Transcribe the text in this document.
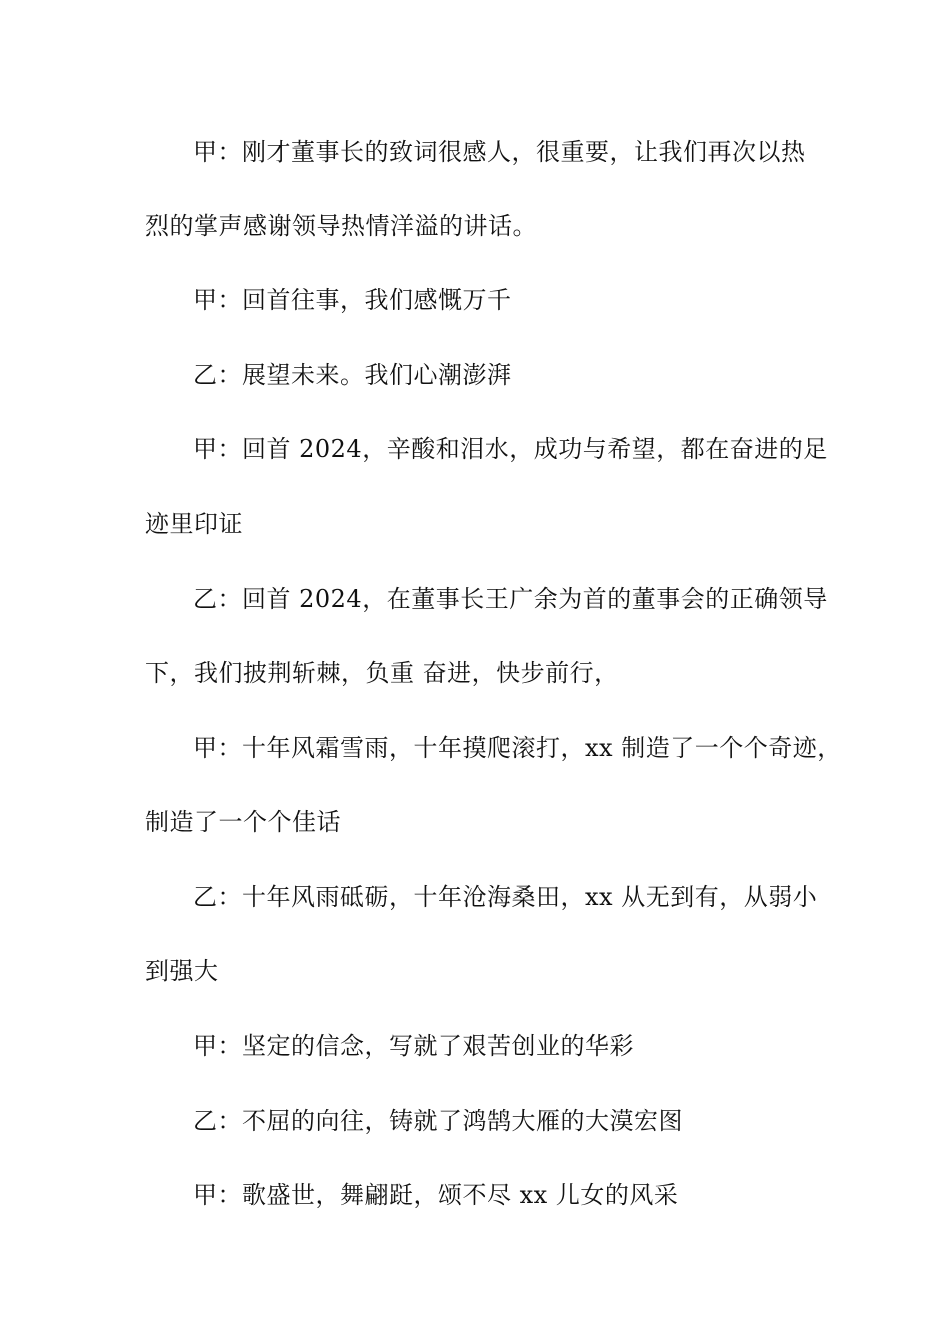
甲：刚才董事长的致词很感人，很重要，让我们再次以热
烈的掌声感谢领导热情洋溢的讲话。
甲：回首往事，我们感慨万千
乙：展望未来。我们心潮澎湃
甲：回首 2024，辛酸和泪水，成功与希望，都在奋进的足
迹里印证
乙：回首 2024，在董事长王广余为首的董事会的正确领导
下，我们披荆斩棘，负重 奋进，快步前行，
甲：十年风霜雪雨，十年摸爬滚打，xx 制造了一个个奇迹，
制造了一个个佳话
乙：十年风雨砥砺，十年沧海桑田，xx 从无到有，从弱小
到强大
甲：坚定的信念，写就了艰苦创业的华彩
乙：不屈的向往，铸就了鸿鹄大雁的大漠宏图
甲：歌盛世，舞翩跹，颂不尽 xx 儿女的风采
